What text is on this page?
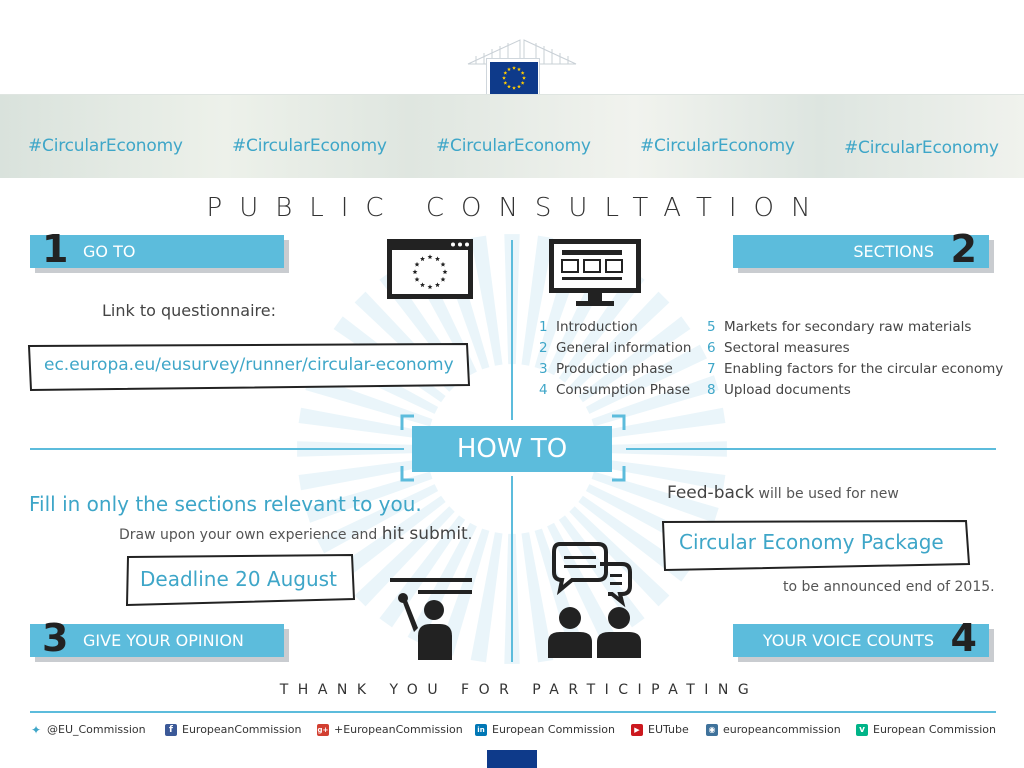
#CircularEconomy	#CircularEconomy	#CircularEconomy	#CircularEconomy	#CircularEconomy
PUBLIC CONSULTATION
HOW TO
1 GO TO
Link to questionnaire:
ec.europa.eu/eusurvey/runner/circular-economy
SECTIONS 2
1 Introduction
2 General information
3 Production phase
4 Consumption Phase
5 Markets for secondary raw materials
6 Sectoral measures
7 Enabling factors for the circular economy
8 Upload documents
Fill in only the sections relevant to you.
Draw upon your own experience and hit submit.
Deadline 20 August
3 GIVE YOUR OPINION
Feed-back will be used for new
Circular Economy Package
to be announced end of 2015.
YOUR VOICE COUNTS 4
THANK YOU FOR PARTICIPATING
✦ @EU_Commission	f EuropeanCommission g+ +EuropeanCommission	in European Commission	▶ EUTube	◉ europeancommission	v European Commission
